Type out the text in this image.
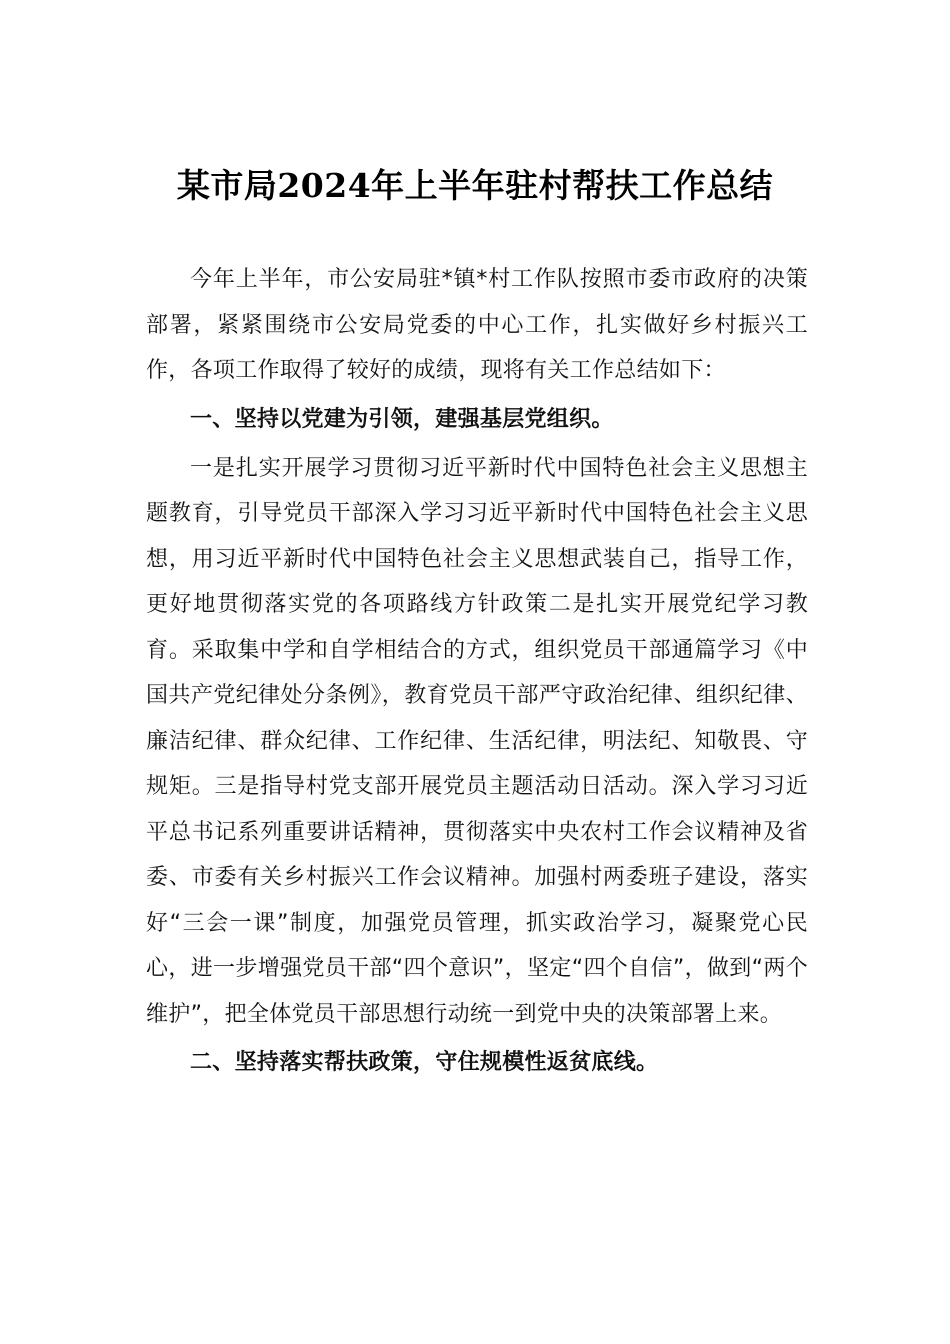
某市局2024年上半年驻村帮扶工作总结

今年上半年，市公安局驻*镇*村工作队按照市委市政府的决策部署，紧紧围绕市公安局党委的中心工作，扎实做好乡村振兴工作，各项工作取得了较好的成绩，现将有关工作总结如下：

一、坚持以党建为引领，建强基层党组织。

一是扎实开展学习贯彻习近平新时代中国特色社会主义思想主题教育，引导党员干部深入学习习近平新时代中国特色社会主义思想，用习近平新时代中国特色社会主义思想武装自己，指导工作，更好地贯彻落实党的各项路线方针政策二是扎实开展党纪学习教育。采取集中学和自学相结合的方式，组织党员干部通篇学习《中国共产党纪律处分条例》，教育党员干部严守政治纪律、组织纪律、廉洁纪律、群众纪律、工作纪律、生活纪律，明法纪、知敬畏、守规矩。三是指导村党支部开展党员主题活动日活动。深入学习习近平总书记系列重要讲话精神，贯彻落实中央农村工作会议精神及省委、市委有关乡村振兴工作会议精神。加强村两委班子建设，落实好“三会一课”制度，加强党员管理，抓实政治学习，凝聚党心民心，进一步增强党员干部“四个意识”，坚定“四个自信”，做到“两个维护”，把全体党员干部思想行动统一到党中央的决策部署上来。

二、坚持落实帮扶政策，守住规模性返贫底线。
